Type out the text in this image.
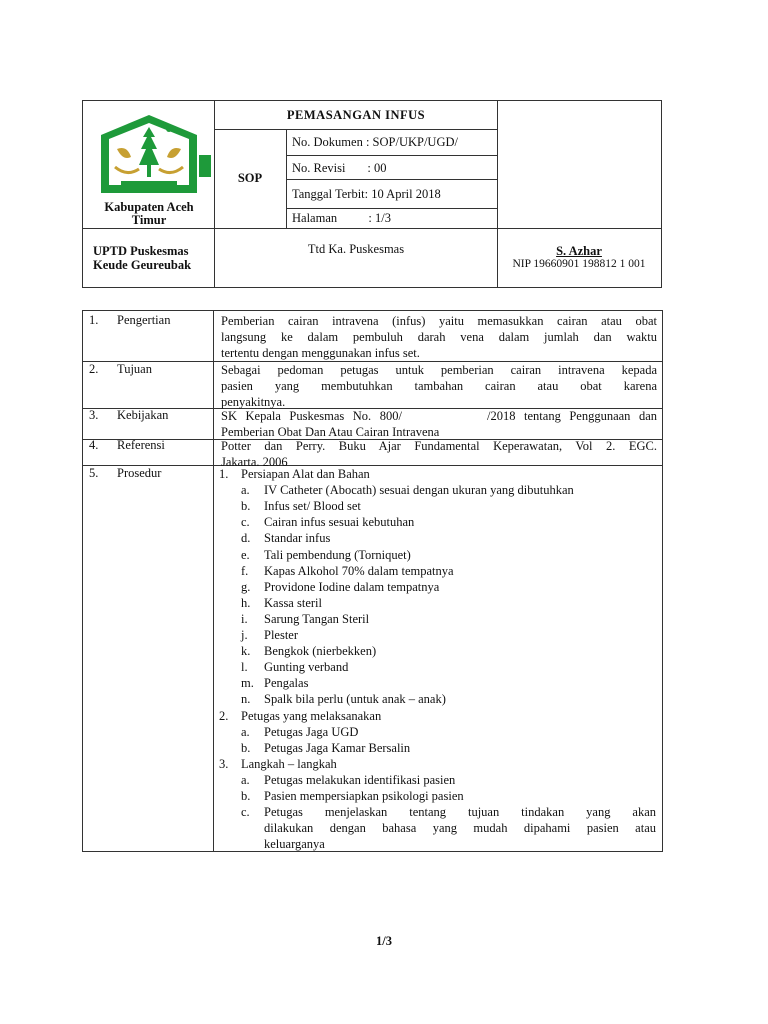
Kabupaten Aceh
Timur
PEMASANGAN INFUS
SOP
No. Dokumen : SOP/UKP/UGD/
No. Revisi       : 00
Tanggal Terbit: 10 April 2018
Halaman          : 1/3
UPTD Puskesmas
Keude Geureubak
Ttd Ka. Puskesmas	S. Azhar
NIP 19660901 198812 1 001
1. Pengertian	Pemberian cairan intravena (infus) yaitu memasukkan cairan atau obat
langsung ke dalam pembuluh darah vena dalam jumlah dan waktu
tertentu dengan menggunakan infus set.
2. Tujuan	Sebagai pedoman petugas untuk pemberian cairan intravena kepada
pasien yang membutuhkan tambahan cairan atau obat karena
penyakitnya.
3. Kebijakan	SK Kepala Puskesmas No. 800/          /2018 tentang Penggunaan dan
Pemberian Obat Dan Atau Cairan Intravena
4. Referensi	Potter dan Perry. Buku Ajar Fundamental Keperawatan, Vol 2. EGC.
Jakarta. 2006
5. Prosedur	1. Persiapan Alat dan Bahan
a. IV Catheter (Abocath) sesuai dengan ukuran yang dibutuhkan
b. Infus set/ Blood set
c. Cairan infus sesuai kebutuhan
d. Standar infus
e. Tali pembendung (Torniquet)
f. Kapas Alkohol 70% dalam tempatnya
g. Providone Iodine dalam tempatnya
h. Kassa steril
i. Sarung Tangan Steril
j. Plester
k. Bengkok (nierbekken)
l. Gunting verband
m. Pengalas
n. Spalk bila perlu (untuk anak – anak)
2. Petugas yang melaksanakan
a. Petugas Jaga UGD
b. Petugas Jaga Kamar Bersalin
3. Langkah – langkah
a. Petugas melakukan identifikasi pasien
b. Pasien mempersiapkan psikologi pasien
c. Petugas menjelaskan tentang tujuan tindakan yang akan
dilakukan dengan bahasa yang mudah dipahami pasien atau
keluarganya
1/3
